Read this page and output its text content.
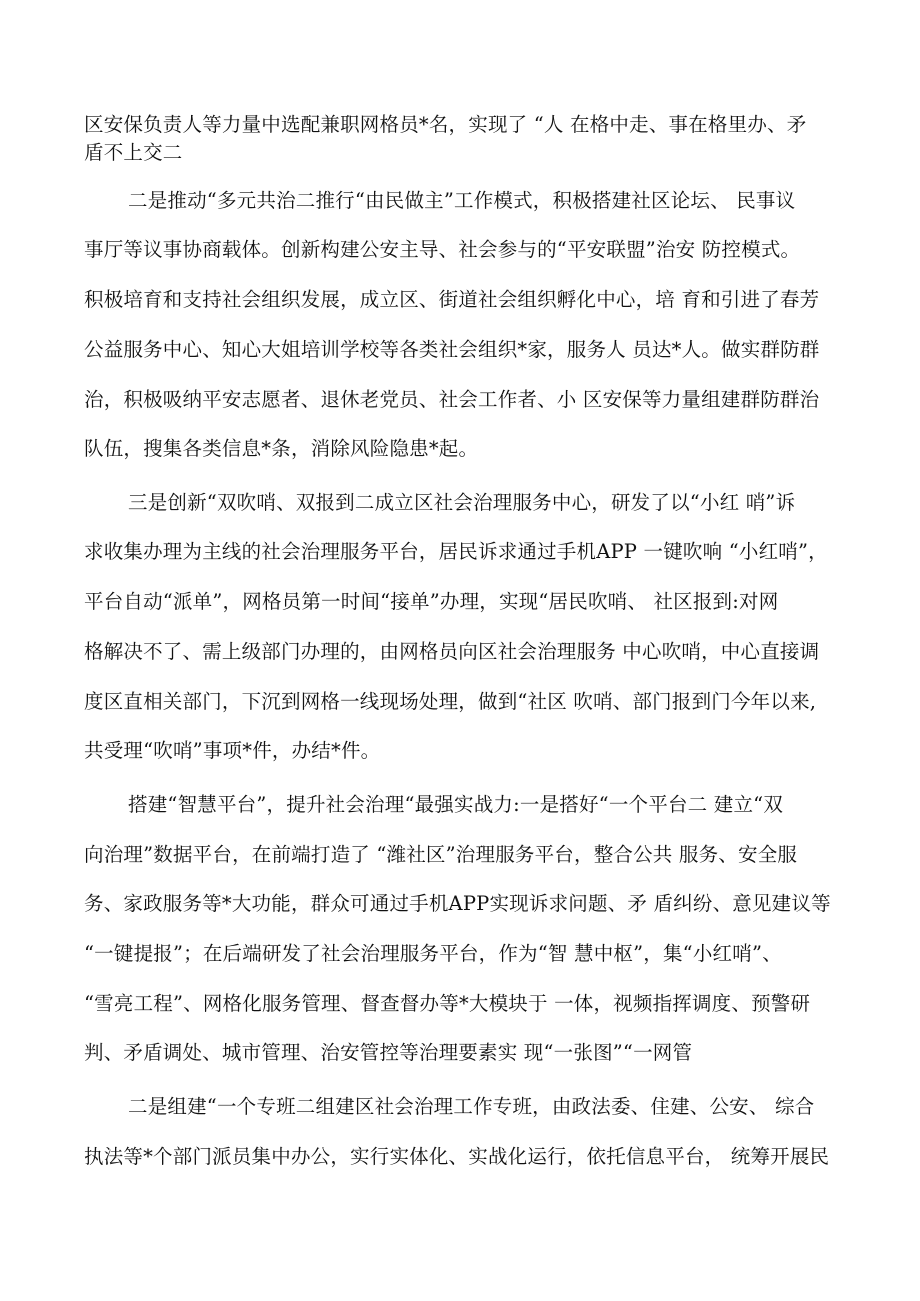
区安保负责人等力量中选配兼职网格员*名，实现了 “人 在格中走、事在格里办、矛
盾不上交二
二是推动“多元共治二推行“由民做主”工作模式，积极搭建社区论坛、 民事议
事厅等议事协商载体。创新构建公安主导、社会参与的“平安联盟”治安 防控模式。
积极培育和支持社会组织发展，成立区、街道社会组织孵化中心，培 育和引进了春芳
公益服务中心、知心大姐培训学校等各类社会组织*家，服务人 员达*人。做实群防群
治，积极吸纳平安志愿者、退休老党员、社会工作者、小 区安保等力量组建群防群治
队伍，搜集各类信息*条，消除风险隐患*起。
三是创新“双吹哨、双报到二成立区社会治理服务中心，研发了以“小红 哨”诉
求收集办理为主线的社会治理服务平台，居民诉求通过手机APP 一键吹响 “小红哨”，
平台自动“派单”，网格员第一时间“接单”办理，实现“居民吹哨、 社区报到:对网
格解决不了、需上级部门办理的，由网格员向区社会治理服务 中心吹哨，中心直接调
度区直相关部门，下沉到网格一线现场处理，做到“社区 吹哨、部门报到门今年以来,
共受理“吹哨”事项*件，办结*件。
搭建“智慧平台”，提升社会治理“最强实战力:一是搭好“一个平台二 建立“双
向治理”数据平台，在前端打造了 “潍社区”治理服务平台，整合公共 服务、安全服
务、家政服务等*大功能，群众可通过手机APP实现诉求问题、矛 盾纠纷、意见建议等
“一键提报”；在后端研发了社会治理服务平台，作为“智 慧中枢”，集“小红哨”、
“雪亮工程”、网格化服务管理、督查督办等*大模块于 一体，视频指挥调度、预警研
判、矛盾调处、城市管理、治安管控等治理要素实 现“一张图”“一网管
二是组建“一个专班二组建区社会治理工作专班，由政法委、住建、公安、 综合
执法等*个部门派员集中办公，实行实体化、实战化运行，依托信息平台， 统筹开展民
